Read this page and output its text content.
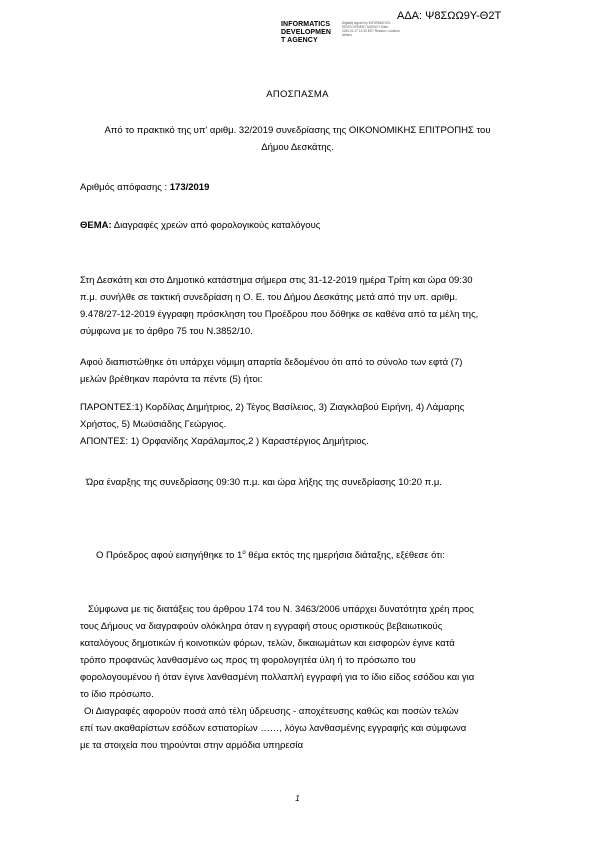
ΑΔΑ: Ψ8ΣΩΩ9Υ-Θ2Τ
INFORMATICS
DEVELOPMEN
T AGENCY
Digitally signed by INFORMATICS DEVELOPMENT AGENCY Date: 2020.01.17 12:33 EET Reason: Location: Athens
ΑΠΟΣΠΑΣΜΑ
Από το πρακτικό της υπ' αριθμ. 32/2019 συνεδρίασης της ΟΙΚΟΝΟΜΙΚΗΣ ΕΠΙΤΡΟΠΗΣ του
Δήμου Δεσκάτης.
Αριθμός απόφασης : 173/2019
ΘΕΜΑ: Διαγραφές χρεών από φορολογικούς καταλόγους
Στη Δεσκάτη και στο Δημοτικό κατάστημα σήμερα στις 31-12-2019 ημέρα Τρίτη και ώρα 09:30
π.μ. συνήλθε σε τακτική συνεδρίαση η Ο. Ε. του Δήμου Δεσκάτης μετά από την υπ. αριθμ.
9.478/27-12-2019 έγγραφη πρόσκληση του Προέδρου που δόθηκε σε καθένα από τα μέλη της,
σύμφωνα με το άρθρο 75 του Ν.3852/10.
Αφού διαπιστώθηκε ότι υπάρχει νόμιμη απαρτία δεδομένου ότι από το σύνολο των εφτά (7)
μελών βρέθηκαν παρόντα τα πέντε (5) ήτοι:
ΠΑΡΟΝΤΕΣ:1) Κορδίλας Δημήτριος, 2) Τέγος Βασίλειος, 3) Ζιαγκλαβού Ειρήνη, 4) Λάμαρης
Χρήστος, 5) Μωϋσιάδης Γεώργιος.
ΑΠΟΝΤΕΣ: 1) Ορφανίδης Χαράλαμπος,2 ) Καραστέργιος Δημήτριος.
Ώρα έναρξης της συνεδρίασης 09:30 π.μ. και ώρα λήξης της συνεδρίασης 10:20 π.μ.
Ο Πρόεδρος αφού εισηγήθηκε το $1^o$ θέμα εκτός της ημερήσια διάταξης, εξέθεσε ότι:
Σύμφωνα με τις διατάξεις του άρθρου 174 του Ν. 3463/2006 υπάρχει δυνατότητα χρέη προς
τους Δήμους να διαγραφούν ολόκληρα όταν η εγγραφή στους οριστικούς βεβαιωτικούς
καταλόγους δημοτικών ή κοινοτικών φόρων, τελών, δικαιωμάτων και εισφορών έγινε κατά
τρόπο προφανώς λανθασμένο ως προς τη φορολογητέα ύλη ή το πρόσωπο του
φορολογουμένου ή όταν έγινε λανθασμένη πολλαπλή εγγραφή για το ίδιο είδος εσόδου και για
το ίδιο πρόσωπο.
Οι Διαγραφές αφορούν ποσά από τέλη ύδρευσης - αποχέτευσης καθώς και ποσών τελών
επί των ακαθαρίστων εσόδων εστιατορίων ……, λόγω λανθασμένης εγγραφής και σύμφωνα
με τα στοιχεία που τηρούνται στην αρμόδια υπηρεσία
1
